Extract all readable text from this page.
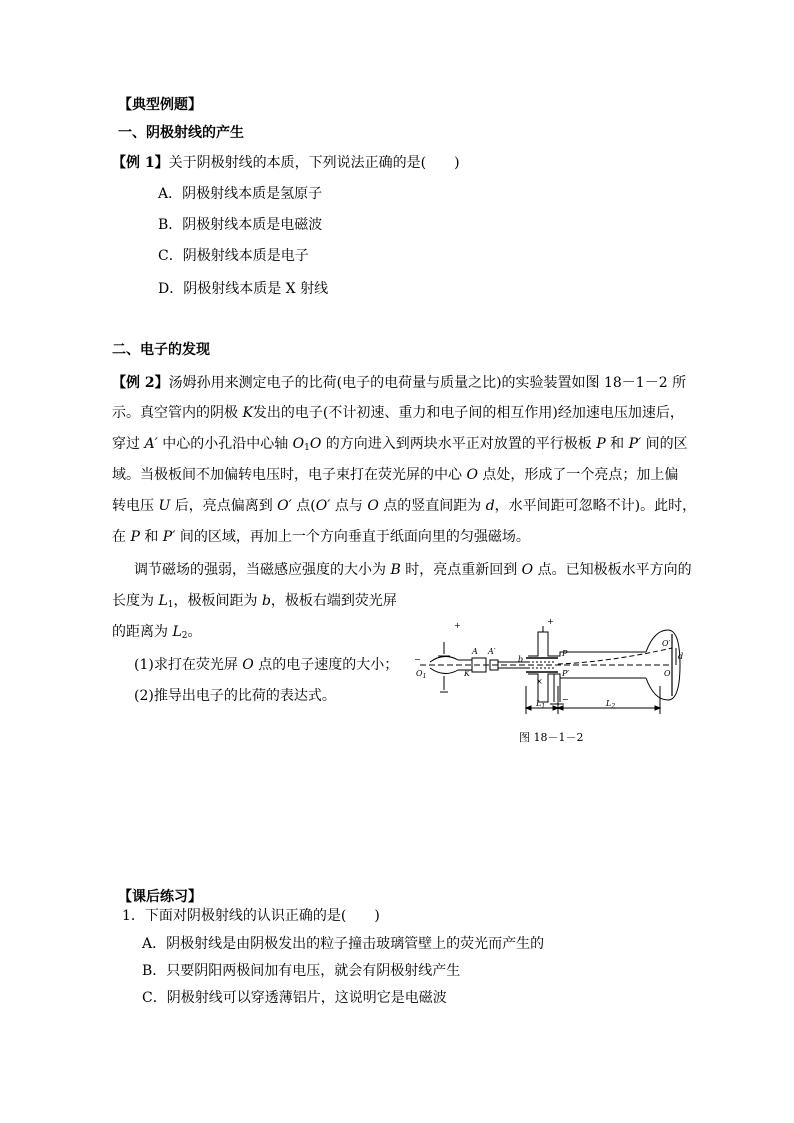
【典型例题】
一、阴极射线的产生
【例 1】关于阴极射线的本质，下列说法正确的是(　　)
A．阴极射线本质是氢原子
B．阴极射线本质是电磁波
C．阴极射线本质是电子
D．阴极射线本质是 X 射线
二、电子的发现
【例 2】汤姆孙用来测定电子的比荷(电子的电荷量与质量之比)的实验装置如图 18－1－2 所
示。真空管内的阴极 K发出的电子(不计初速、重力和电子间的相互作用)经加速电压加速后，
穿过 A′ 中心的小孔沿中心轴 $O_1O$ 的方向进入到两块水平正对放置的平行极板 P 和 P′ 间的区
域。当极板间不加偏转电压时，电子束打在荧光屏的中心 O 点处，形成了一个亮点；加上偏
转电压 U 后，亮点偏离到 O′ 点(O′ 点与 O 点的竖直间距为 d，水平间距可忽略不计)。此时，
在 P 和 P′ 间的区域，再加上一个方向垂直于纸面向里的匀强磁场。
调节磁场的强弱，当磁感应强度的大小为 B 时，亮点重新回到 O 点。已知极板水平方向的
长度为 $L_1$，极板间距为 b，极板右端到荧光屏
的距离为 $L_2$。
(1)求打在荧光屏 O 点的电子速度的大小；
(2)推导出电子的比荷的表达式。
+
−
$O_1$	K
A A′
b
P
P′
+
−
O′
d
O
×
$L_1$	$L_2$
图 18－1－2
【课后练习】
1．下面对阴极射线的认识正确的是(　　)
A．阴极射线是由阴极发出的粒子撞击玻璃管壁上的荧光而产生的
B．只要阴阳两极间加有电压，就会有阴极射线产生
C．阴极射线可以穿透薄铝片，这说明它是电磁波
